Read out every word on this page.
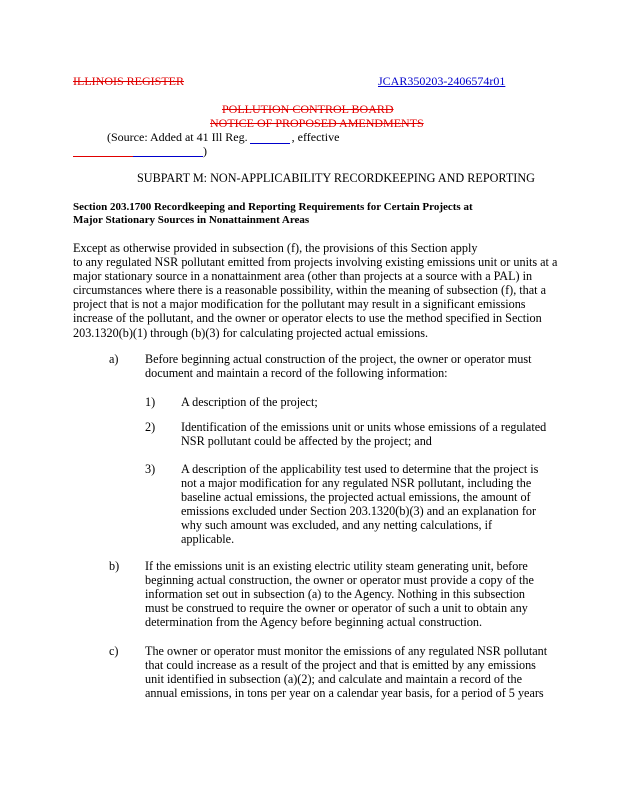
ILLINOIS REGISTER	JCAR350203-2406574r01
POLLUTION CONTROL BOARD
NOTICE OF PROPOSED AMENDMENTS
(Source: Added at 41 Ill Reg.	, effective
)
SUBPART M: NON-APPLICABILITY RECORDKEEPING AND REPORTING
Section 203.1700 Recordkeeping and Reporting Requirements for Certain Projects at
Major Stationary Sources in Nonattainment Areas
Except as otherwise provided in subsection (f), the provisions of this Section apply
to any regulated NSR pollutant emitted from projects involving existing emissions unit or units at a
major stationary source in a nonattainment area (other than projects at a source with a PAL) in
circumstances where there is a reasonable possibility, within the meaning of subsection (f), that a
project that is not a major modification for the pollutant may result in a significant emissions
increase of the pollutant, and the owner or operator elects to use the method specified in Section
203.1320(b)(1) through (b)(3) for calculating projected actual emissions.
a) Before beginning actual construction of the project, the owner or operator must
document and maintain a record of the following information:
1) A description of the project;
2) Identification of the emissions unit or units whose emissions of a regulated
NSR pollutant could be affected by the project; and
3) A description of the applicability test used to determine that the project is
not a major modification for any regulated NSR pollutant, including the
baseline actual emissions, the projected actual emissions, the amount of
emissions excluded under Section 203.1320(b)(3) and an explanation for
why such amount was excluded, and any netting calculations, if
applicable.
b) If the emissions unit is an existing electric utility steam generating unit, before
beginning actual construction, the owner or operator must provide a copy of the
information set out in subsection (a) to the Agency. Nothing in this subsection
must be construed to require the owner or operator of such a unit to obtain any
determination from the Agency before beginning actual construction.
c) The owner or operator must monitor the emissions of any regulated NSR pollutant
that could increase as a result of the project and that is emitted by any emissions
unit identified in subsection (a)(2); and calculate and maintain a record of the
annual emissions, in tons per year on a calendar year basis, for a period of 5 years
